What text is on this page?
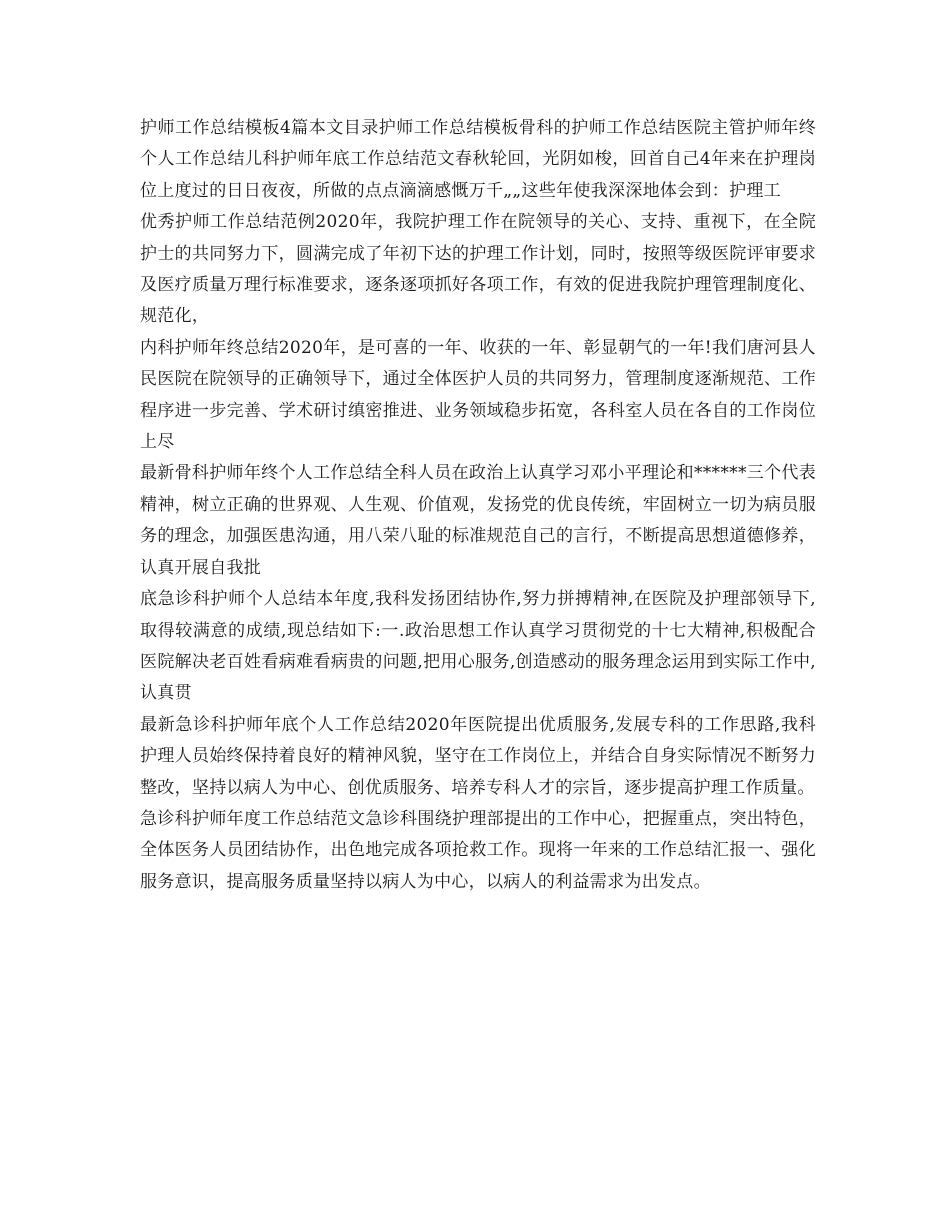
护师工作总结模板4篇本文目录护师工作总结模板骨科的护师工作总结医院主管护师年终个人工作总结儿科护师年底工作总结范文春秋轮回，光阴如梭，回首自己4年来在护理岗位上度过的日日夜夜，所做的点点滴滴感慨万千„„这些年使我深深地体会到：护理工

优秀护师工作总结范例2020年，我院护理工作在院领导的关心、支持、重视下，在全院护士的共同努力下，圆满完成了年初下达的护理工作计划，同时，按照等级医院评审要求及医疗质量万理行标准要求，逐条逐项抓好各项工作，有效的促进我院护理管理制度化、规范化，

内科护师年终总结2020年，是可喜的一年、收获的一年、彰显朝气的一年!我们唐河县人民医院在院领导的正确领导下，通过全体医护人员的共同努力，管理制度逐渐规范、工作程序进一步完善、学术研讨缜密推进、业务领域稳步拓宽，各科室人员在各自的工作岗位上尽

最新骨科护师年终个人工作总结全科人员在政治上认真学习邓小平理论和******三个代表精神，树立正确的世界观、人生观、价值观，发扬党的优良传统，牢固树立一切为病员服务的理念，加强医患沟通，用八荣八耻的标准规范自己的言行，不断提高思想道德修养，认真开展自我批

底急诊科护师个人总结本年度,我科发扬团结协作,努力拼搏精神,在医院及护理部领导下,取得较满意的成绩,现总结如下:一.政治思想工作认真学习贯彻党的十七大精神,积极配合医院解决老百姓看病难看病贵的问题,把用心服务,创造感动的服务理念运用到实际工作中,认真贯

最新急诊科护师年底个人工作总结2020年医院提出优质服务,发展专科的工作思路,我科护理人员始终保持着良好的精神风貌，坚守在工作岗位上，并结合自身实际情况不断努力整改，坚持以病人为中心、创优质服务、培养专科人才的宗旨，逐步提高护理工作质量。

急诊科护师年度工作总结范文急诊科围绕护理部提出的工作中心，把握重点，突出特色，全体医务人员团结协作，出色地完成各项抢救工作。现将一年来的工作总结汇报一、强化服务意识，提高服务质量坚持以病人为中心，以病人的利益需求为出发点。
